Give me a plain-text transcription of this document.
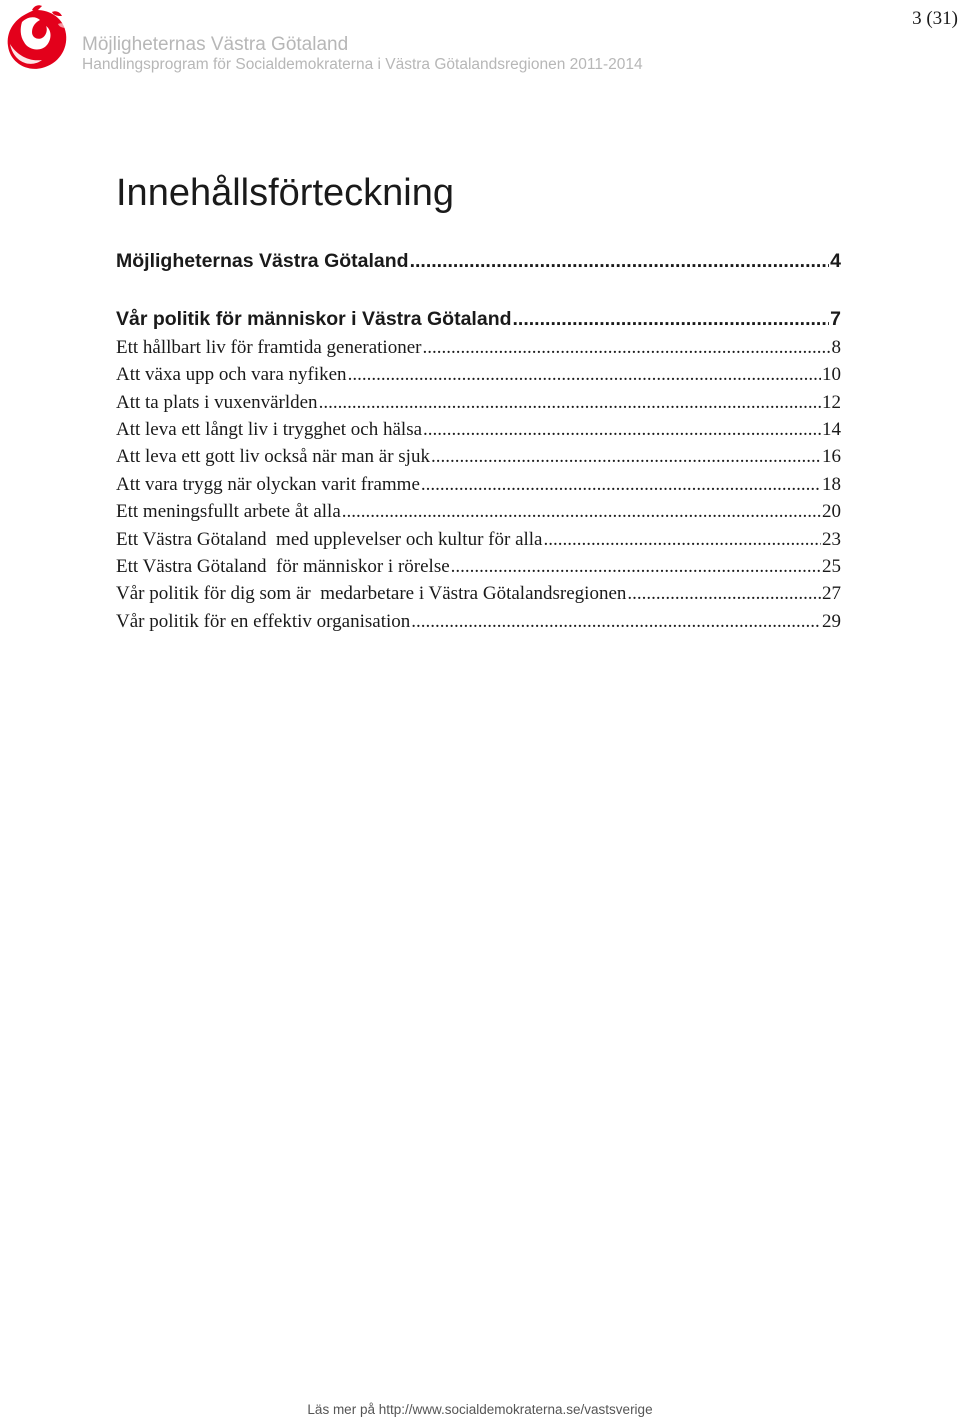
Möjligheternas Västra Götaland
Handlingsprogram för Socialdemokraterna i Västra Götalandsregionen 2011-2014
3 (31)
Innehållsförteckning
Möjligheternas Västra Götaland .....	4
Vår politik för människor i Västra Götaland .....	7
Ett hållbart liv för framtida generationer .....	8
Att växa upp och vara nyfiken .....	10
Att ta plats i vuxenvärlden .....	12
Att leva ett långt liv i trygghet och hälsa .....	14
Att leva ett gott liv också när man är sjuk .....	16
Att vara trygg när olyckan varit framme .....	18
Ett meningsfullt arbete åt alla .....	20
Ett Västra Götaland  med upplevelser och kultur för alla .....	23
Ett Västra Götaland  för människor i rörelse .....	25
Vår politik för dig som är  medarbetare i Västra Götalandsregionen .....	27
Vår politik för en effektiv organisation .....	29
Läs mer på http://www.socialdemokraterna.se/vastsverige
